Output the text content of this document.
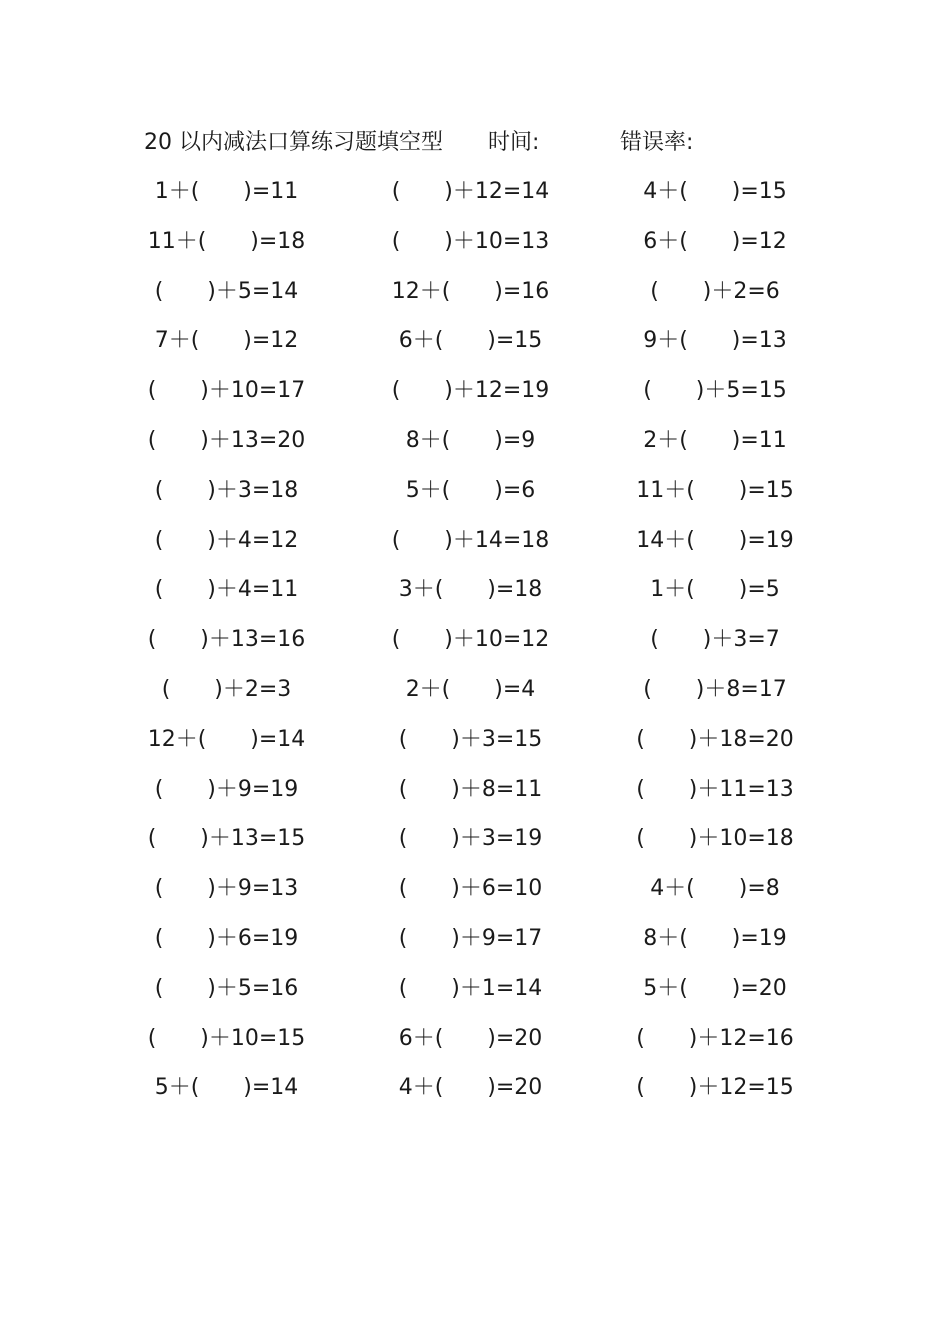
20 以内减法口算练习题填空型 时间:	错误率:
1＋(　　)=11	(　　)＋12=14	4＋(　　)=15
11＋(　　)=18	(　　)＋10=13	6＋(　　)=12
(　　)＋5=14	12＋(　　)=16	(　　)＋2=6
7＋(　　)=12	6＋(　　)=15	9＋(　　)=13
(　　)＋10=17	(　　)＋12=19	(　　)＋5=15
(　　)＋13=20	8＋(　　)=9	2＋(　　)=11
(　　)＋3=18	5＋(　　)=6	11＋(　　)=15
(　　)＋4=12	(　　)＋14=18	14＋(　　)=19
(　　)＋4=11	3＋(　　)=18	1＋(　　)=5
(　　)＋13=16	(　　)＋10=12	(　　)＋3=7
(　　)＋2=3	2＋(　　)=4	(　　)＋8=17
12＋(　　)=14	(　　)＋3=15	(　　)＋18=20
(　　)＋9=19	(　　)＋8=11	(　　)＋11=13
(　　)＋13=15	(　　)＋3=19	(　　)＋10=18
(　　)＋9=13	(　　)＋6=10	4＋(　　)=8
(　　)＋6=19	(　　)＋9=17	8＋(　　)=19
(　　)＋5=16	(　　)＋1=14	5＋(　　)=20
(　　)＋10=15	6＋(　　)=20	(　　)＋12=16
5＋(　　)=14	4＋(　　)=20	(　　)＋12=15
